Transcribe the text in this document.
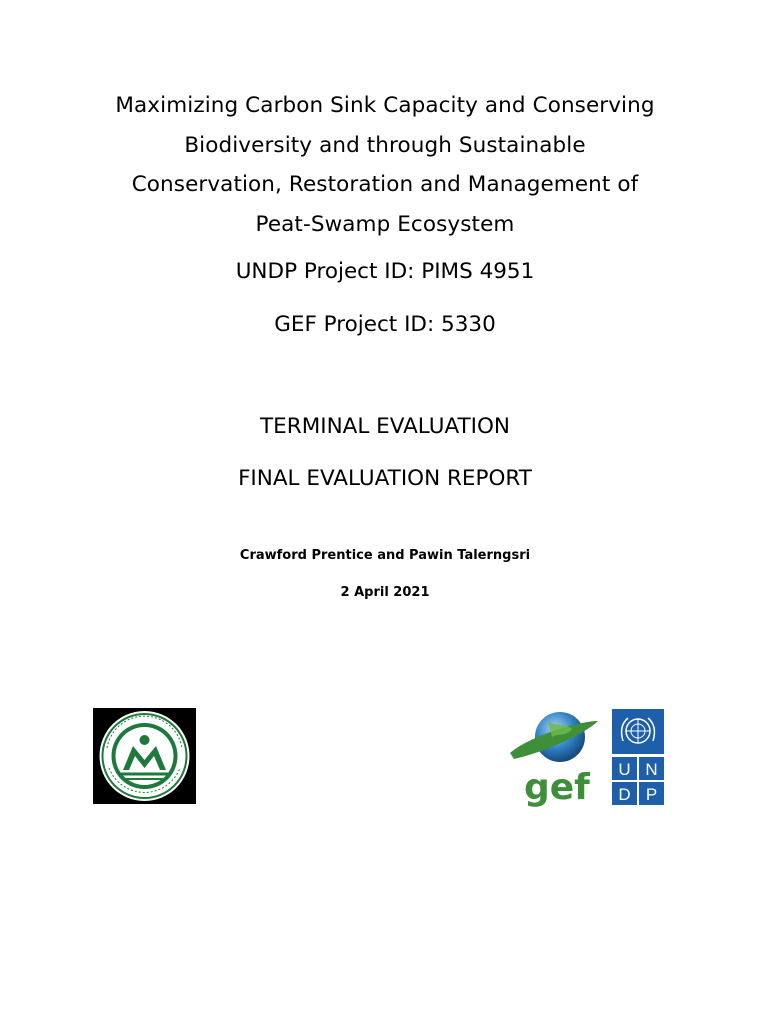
Maximizing Carbon Sink Capacity and Conserving
Biodiversity and through Sustainable
Conservation, Restoration and Management of
Peat-Swamp Ecosystem
UNDP Project ID: PIMS 4951
GEF Project ID: 5330
TERMINAL EVALUATION
FINAL EVALUATION REPORT
Crawford Prentice and Pawin Talerngsri
2 April 2021
gef U N
D P
